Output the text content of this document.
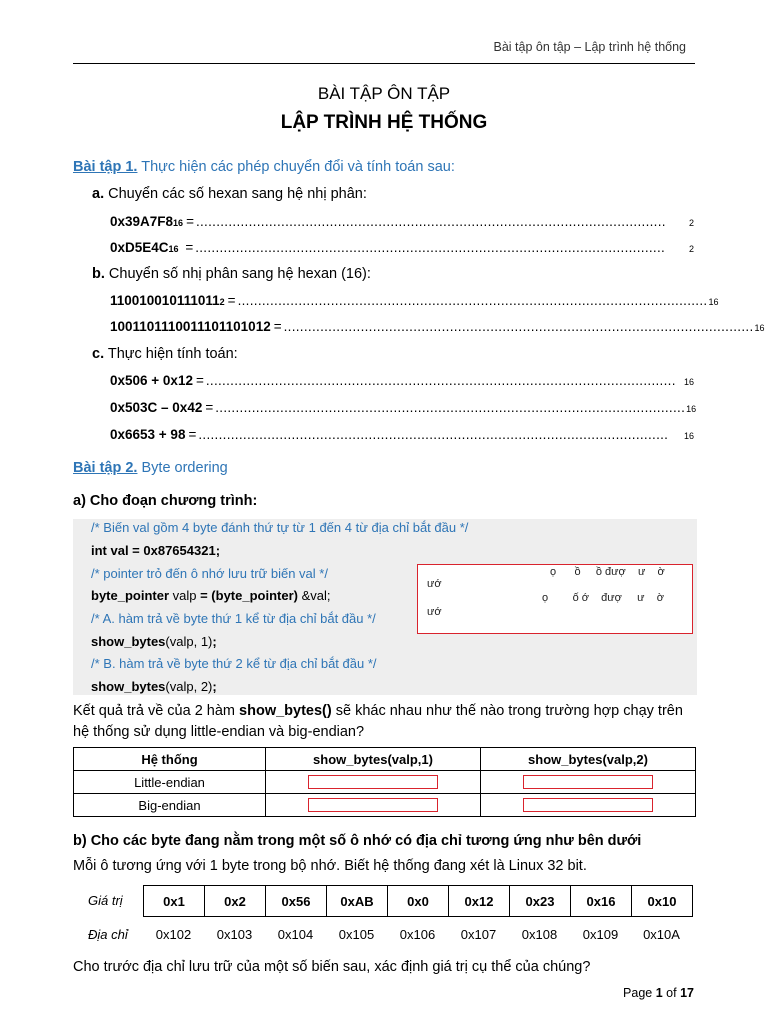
Bài tập ôn tập – Lập trình hệ thống
BÀI TẬP ÔN TẬP
LẬP TRÌNH HỆ THỐNG
Bài tập 1. Thực hiện các phép chuyển đổi và tính toán sau:
a. Chuyển các số hexan sang hệ nhị phân:
0x39A7F8 16 = ....................................................................................................................	2
0xD5E4C 16 = ....................................................................................................................	2
b. Chuyển số nhị phân sang hệ hexan (16):
110010010111011 2 = .................................................................................................................... 16
1001101110011101101012 = .................................................................................................................... 16
c. Thực hiện tính toán:
0x506 + 0x12 = .................................................................................................................... 16
0x503C – 0x42 = .................................................................................................................... 16
0x6653 + 98 = ....................................................................................................................	16
Bài tập 2. Byte ordering
a) Cho đoạn chương trình:
/* Biến val gồm 4 byte đánh thứ tự từ 1 đến 4 từ địa chỉ bắt đầu */
int val = 0x87654321;
/* pointer trỏ đến ô nhớ lưu trữ biến val */
byte_pointer valp = (byte_pointer) &val;
/* A. hàm trả về byte thứ 1 kể từ địa chỉ bắt đầu */
show_bytes(valp, 1);
/* B. hàm trả về byte thứ 2 kể từ địa chỉ bắt đầu */
show_bytes(valp, 2);
ướ
ọ      ồ     ồ đượ    ư    ờ
ướ
ọ        ố ớ    đượ     ư    ờ
Kết quả trả về của 2 hàm show_bytes() sẽ khác nhau như thế nào trong trường hợp chạy trên hệ thống sử dụng little-endian và big-endian?
Hệ thống	show_bytes(valp,1)	show_bytes(valp,2)
Little-endian	

Big-endian	

b) Cho các byte đang nằm trong một số ô nhớ có địa chỉ tương ứng như bên dưới
Mỗi ô tương ứng với 1 byte trong bộ nhớ. Biết hệ thống đang xét là Linux 32 bit.
Giá trị	0x1	0x2	0x56	0xAB	0x0	0x12	0x23	0x16	0x10
Địa chỉ	0x102	0x103	0x104	0x105	0x106	0x107	0x108	0x109	0x10A
Cho trước địa chỉ lưu trữ của một số biến sau, xác định giá trị cụ thể của chúng?
Page 1 of 17
